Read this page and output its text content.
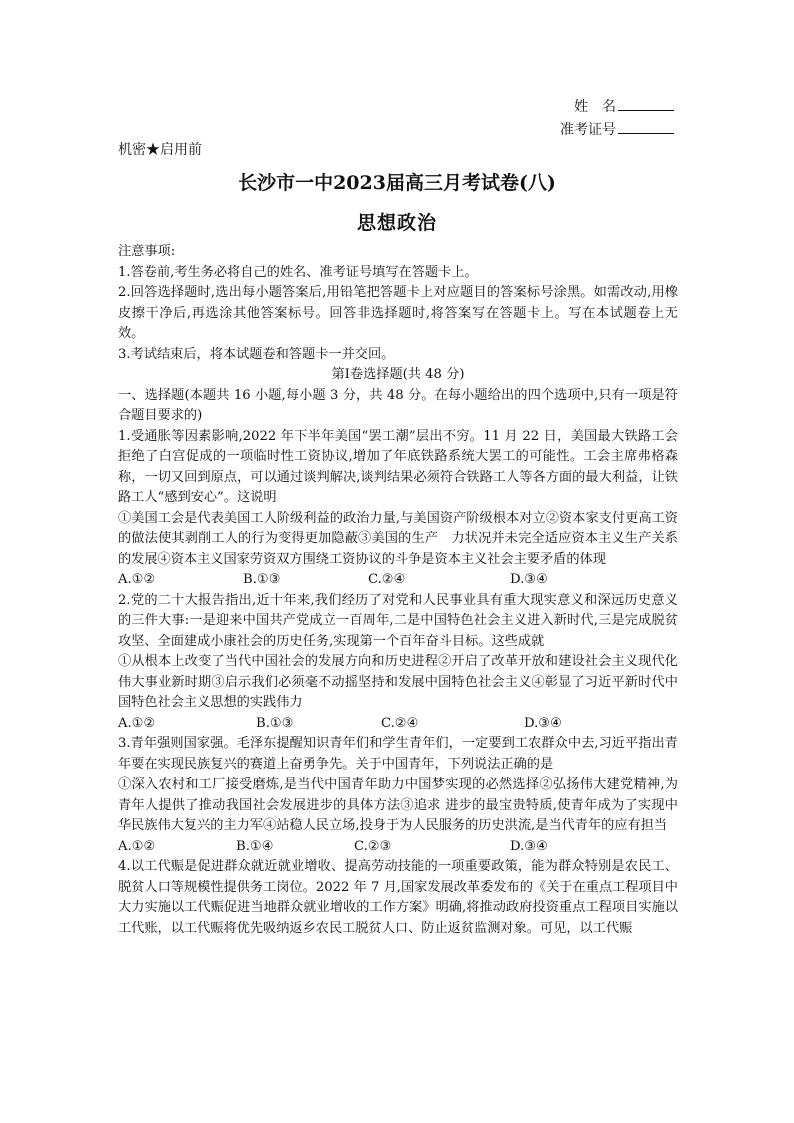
姓　名
准考证号
机密★启用前
长沙市一中2023届高三月考试卷(八)
思想政治

注意事项:

1.答卷前,考生务必将自己的姓名、准考证号填写在答题卡上。

2.回答选择题时,选出每小题答案后,用铅笔把答题卡上对应题目的答案标号涂黑。如需改动,用橡皮擦干净后,再选涂其他答案标号。回答非选择题时,将答案写在答题卡上。写在本试题卷上无效。

3.考试结束后，将本试题卷和答题卡一并交回。

第Ⅰ卷选择题(共 48 分)

一、选择题(本题共 16 小题,每小题 3 分，共 48 分。在每小题给出的四个选项中,只有一项是符合题目要求的)

1.受通胀等因素影响,2022 年下半年美国“罢工潮”层出不穷。11 月 22 日，美国最大铁路工会拒绝了白宫促成的一项临时性工资协议,增加了年底铁路系统大罢工的可能性。工会主席弗格森称，一切又回到原点，可以通过谈判解决,谈判结果必须符合铁路工人等各方面的最大利益，让铁路工人“感到安心”。这说明

①美国工会是代表美国工人阶级利益的政治力量,与美国资产阶级根本对立②资本家支付更高工资的做法使其剥削工人的行为变得更加隐蔽③美国的生产　力状况并未完全适应资本主义生产关系的发展④资本主义国家劳资双方围绕工资协议的斗争是资本主义社会主要矛盾的体现

A.①②	B.①③	C.②④	D.③④

2.党的二十大报告指出,近十年来,我们经历了对党和人民事业具有重大现实意义和深远历史意义的三件大事:一是迎来中国共产党成立一百周年,二是中国特色社会主义进入新时代,三是完成脱贫攻坚、全面建成小康社会的历史任务,实现第一个百年奋斗目标。这些成就

①从根本上改变了当代中国社会的发展方向和历史进程②开启了改革开放和建设社会主义现代化伟大事业新时期③启示我们必须毫不动摇坚持和发展中国特色社会主义④彰显了习近平新时代中国特色社会主义思想的实践伟力

A.①②	B.①③	C.②④	D.③④

3.青年强则国家强。毛泽东提醒知识青年们和学生青年们，一定要到工农群众中去,习近平指出青年要在实现民族复兴的赛道上奋勇争先。关于中国青年，下列说法正确的是

①深入农村和工厂接受磨炼,是当代中国青年助力中国梦实现的必然选择②弘扬伟大建党精神,为青年人提供了推动我国社会发展进步的具体方法③追求 进步的最宝贵特质,使青年成为了实现中华民族伟大复兴的主力军④站稳人民立场,投身于为人民服务的历史洪流,是当代青年的应有担当

A.①②	B.①④	C.②③	D.③④

4.以工代赈是促进群众就近就业增收、提高劳动技能的一项重要政策，能为群众特别是农民工、脱贫人口等规模性提供务工岗位。2022 年 7 月,国家发展改革委发布的《关于在重点工程项目中大力实施以工代赈促进当地群众就业增收的工作方案》明确,将推动政府投资重点工程项目实施以工代账，以工代赈将优先吸纳返乡农民工脱贫人口、防止返贫监测对象。可见，以工代赈
